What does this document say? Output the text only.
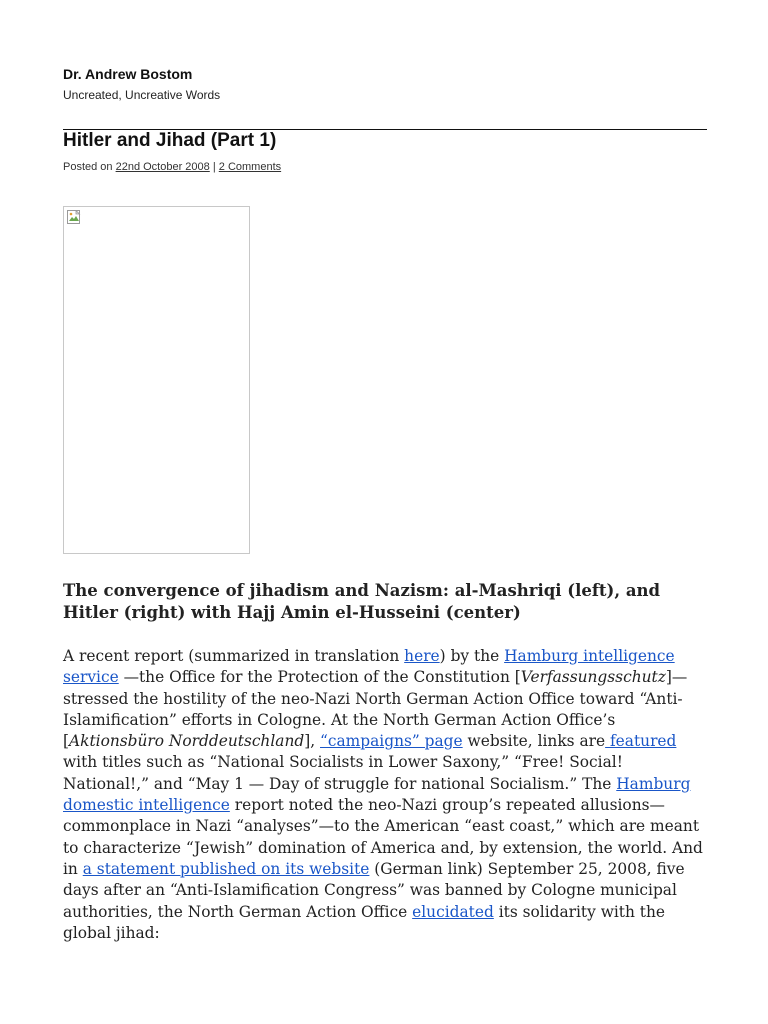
Dr. Andrew Bostom
Uncreated, Uncreative Words
Hitler and Jihad (Part 1)
Posted on 22nd October 2008 | 2 Comments
The convergence of jihadism and Nazism: al-Mashriqi (left), and Hitler (right) with Hajj Amin el-Husseini (center)

A recent report (summarized in translation here) by the Hamburg intelligence service —the Office for the Protection of the Constitution [Verfassungsschutz]—stressed the hostility of the neo-Nazi North German Action Office toward “Anti-Islamification” efforts in Cologne. At the North German Action Office’s [Aktionsbüro Norddeutschland], “campaigns” page website, links are featured with titles such as “National Socialists in Lower Saxony,” “Free! Social! National!,” and “May 1 — Day of struggle for national Socialism.” The Hamburg domestic intelligence report noted the neo-Nazi group’s repeated allusions—commonplace in Nazi “analyses”—to the American “east coast,” which are meant to characterize “Jewish” domination of America and, by extension, the world. And in a statement published on its website (German link) September 25, 2008, five days after an “Anti-Islamification Congress” was banned by Cologne municipal authorities, the North German Action Office elucidated its solidarity with the global jihad:
